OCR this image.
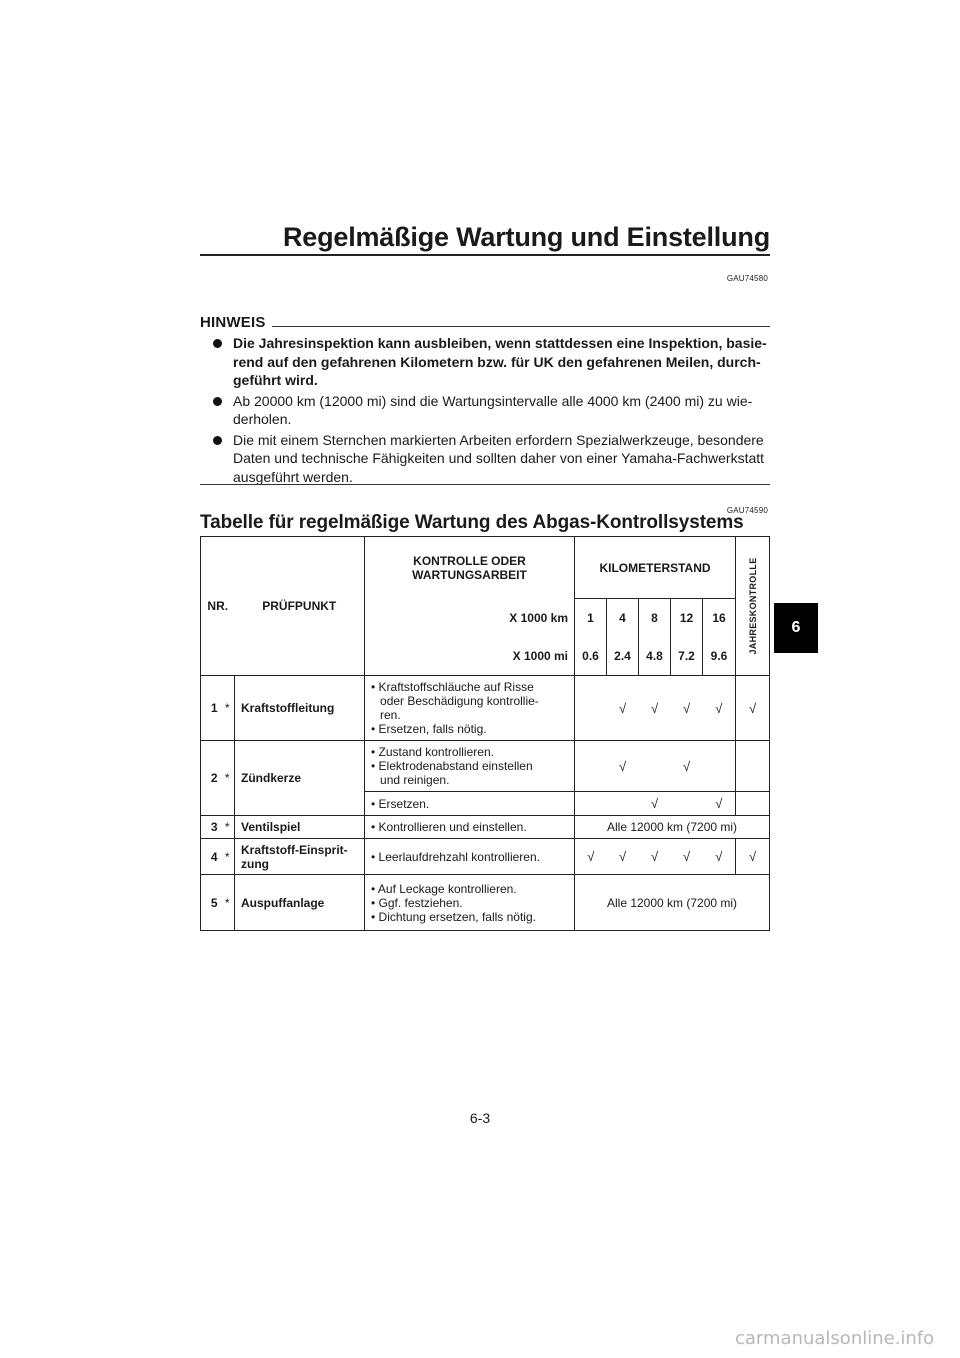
Regelmäßige Wartung und Einstellung
GAU74580
HINWEIS
Die Jahresinspektion kann ausbleiben, wenn stattdessen eine Inspektion, basie-rend auf den gefahrenen Kilometern bzw. für UK den gefahrenen Meilen, durch-geführt wird.
Ab 20000 km (12000 mi) sind die Wartungsintervalle alle 4000 km (2400 mi) zu wie-derholen.
Die mit einem Sternchen markierten Arbeiten erfordern Spezialwerkzeuge, besondere Daten und technische Fähigkeiten und sollten daher von einer Yamaha-Fachwerkstatt ausgeführt werden.
GAU74590
Tabelle für regelmäßige Wartung des Abgas-Kontrollsystems
NR.		PRÜFPUNKT	KONTROLLE ODER WARTUNGSARBEIT	KILOMETERSTAND					JAHRESKONTROLLE

			X 1000 km	1	4	8	12	16	
			X 1000 mi	0.6	2.4	4.8	7.2	9.6	
1	*	Kraftstoffleitung	• Kraftstoffschläuche auf Risse
oder Beschädigung kontrollie-
ren.
• Ersetzen, falls nötig.		√	√	√	√	√
2	*	Zündkerze	• Zustand kontrollieren.
• Elektrodenabstand einstellen
und reinigen.		√		√		
			• Ersetzen.			√		√	
3	*	Ventilspiel	• Kontrollieren und einstellen.	Alle 12000 km (7200 mi)					
4	*	Kraftstoff-Einsprit-
zung	• Leerlaufdrehzahl kontrollieren.	√	√	√	√	√	√
5	*	Auspuffanlage	• Auf Leckage kontrollieren.
• Ggf. festziehen.
• Dichtung ersetzen, falls nötig.	Alle 12000 km (7200 mi)					
6
6-3
carmanualsonline.info
